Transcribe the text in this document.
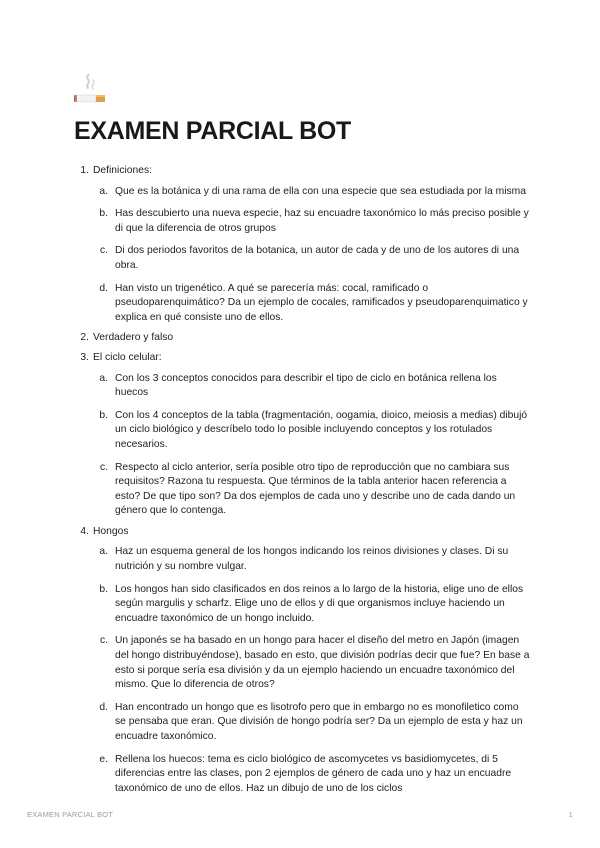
EXAMEN PARCIAL BOT
1. Definiciones:
a. Que es la botánica y di una rama de ella con una especie que sea estudiada por la misma
b. Has descubierto una nueva especie, haz su encuadre taxonómico lo más preciso posible y di que la diferencia de otros grupos
c. Di dos periodos favoritos de la botanica, un autor de cada y de uno de los autores di una obra.
d. Han visto un trigenético. A qué se parecería más: cocal, ramificado o pseudoparenquimático? Da un ejemplo de cocales, ramificados y pseudoparenquimatico y explica en qué consiste uno de ellos.
2. Verdadero y falso
3. El ciclo celular:
a. Con los 3 conceptos conocidos para describir el tipo de ciclo en botánica rellena los huecos
b. Con los 4 conceptos de la tabla (fragmentación, oogamia, dioico, meiosis a medias) dibujó un ciclo biológico y descríbelo todo lo posible incluyendo conceptos y los rotulados necesarios.
c. Respecto al ciclo anterior, sería posible otro tipo de reproducción que no cambiara sus requisitos? Razona tu respuesta. Que términos de la tabla anterior hacen referencia a esto? De que tipo son? Da dos ejemplos de cada uno y describe uno de cada dando un género que lo contenga.
4. Hongos
a. Haz un esquema general de los hongos indicando los reinos divisiones y clases. Di su nutrición y su nombre vulgar.
b. Los hongos han sido clasificados en dos reinos a lo largo de la historia, elige uno de ellos según margulis y scharfz. Elige uno de ellos y di que organismos incluye haciendo un encuadre taxonómico de un hongo incluido.
c. Un japonés se ha basado en un hongo para hacer el diseño del metro en Japón (imagen del hongo distribuyéndose), basado en esto, que división podrías decir que fue? En base a esto si porque sería esa división y da un ejemplo haciendo un encuadre taxonómico del mismo. Que lo diferencia de otros?
d. Han encontrado un hongo que es lisotrofo pero que in embargo no es monofiletico como se pensaba que eran. Que división de hongo podría ser? Da un ejemplo de esta y haz un encuadre taxonómico.
e. Rellena los huecos: tema es ciclo biológico de ascomycetes vs basidiomycetes, di 5 diferencias entre las clases, pon 2 ejemplos de género de cada uno y haz un encuadre taxonómico de uno de ellos. Haz un dibujo de uno de los ciclos
EXAMEN PARCIAL BOT	1
